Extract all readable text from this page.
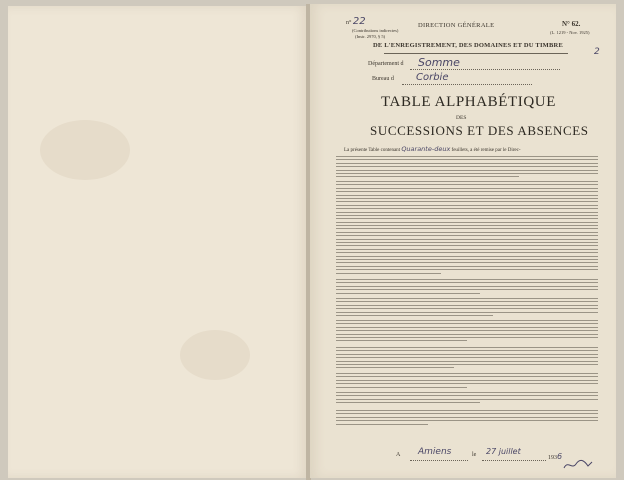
n° 22
(Contributions indirectes)
(Instr. 2970, § 5)
DIRECTION GÉNÉRALE	N° 62.
(L. 1219 - Nov. 1925)
DE L'ENREGISTREMENT, DES DOMAINES ET DU TIMBRE
2
Département d Somme
Bureau d Corbie
TABLE ALPHABÉTIQUE
DES
SUCCESSIONS ET DES ABSENCES
La présente Table contenant Quarante-deux feuillets, a été remise par le Direc-
A Amiens	le 27 juillet
1936
